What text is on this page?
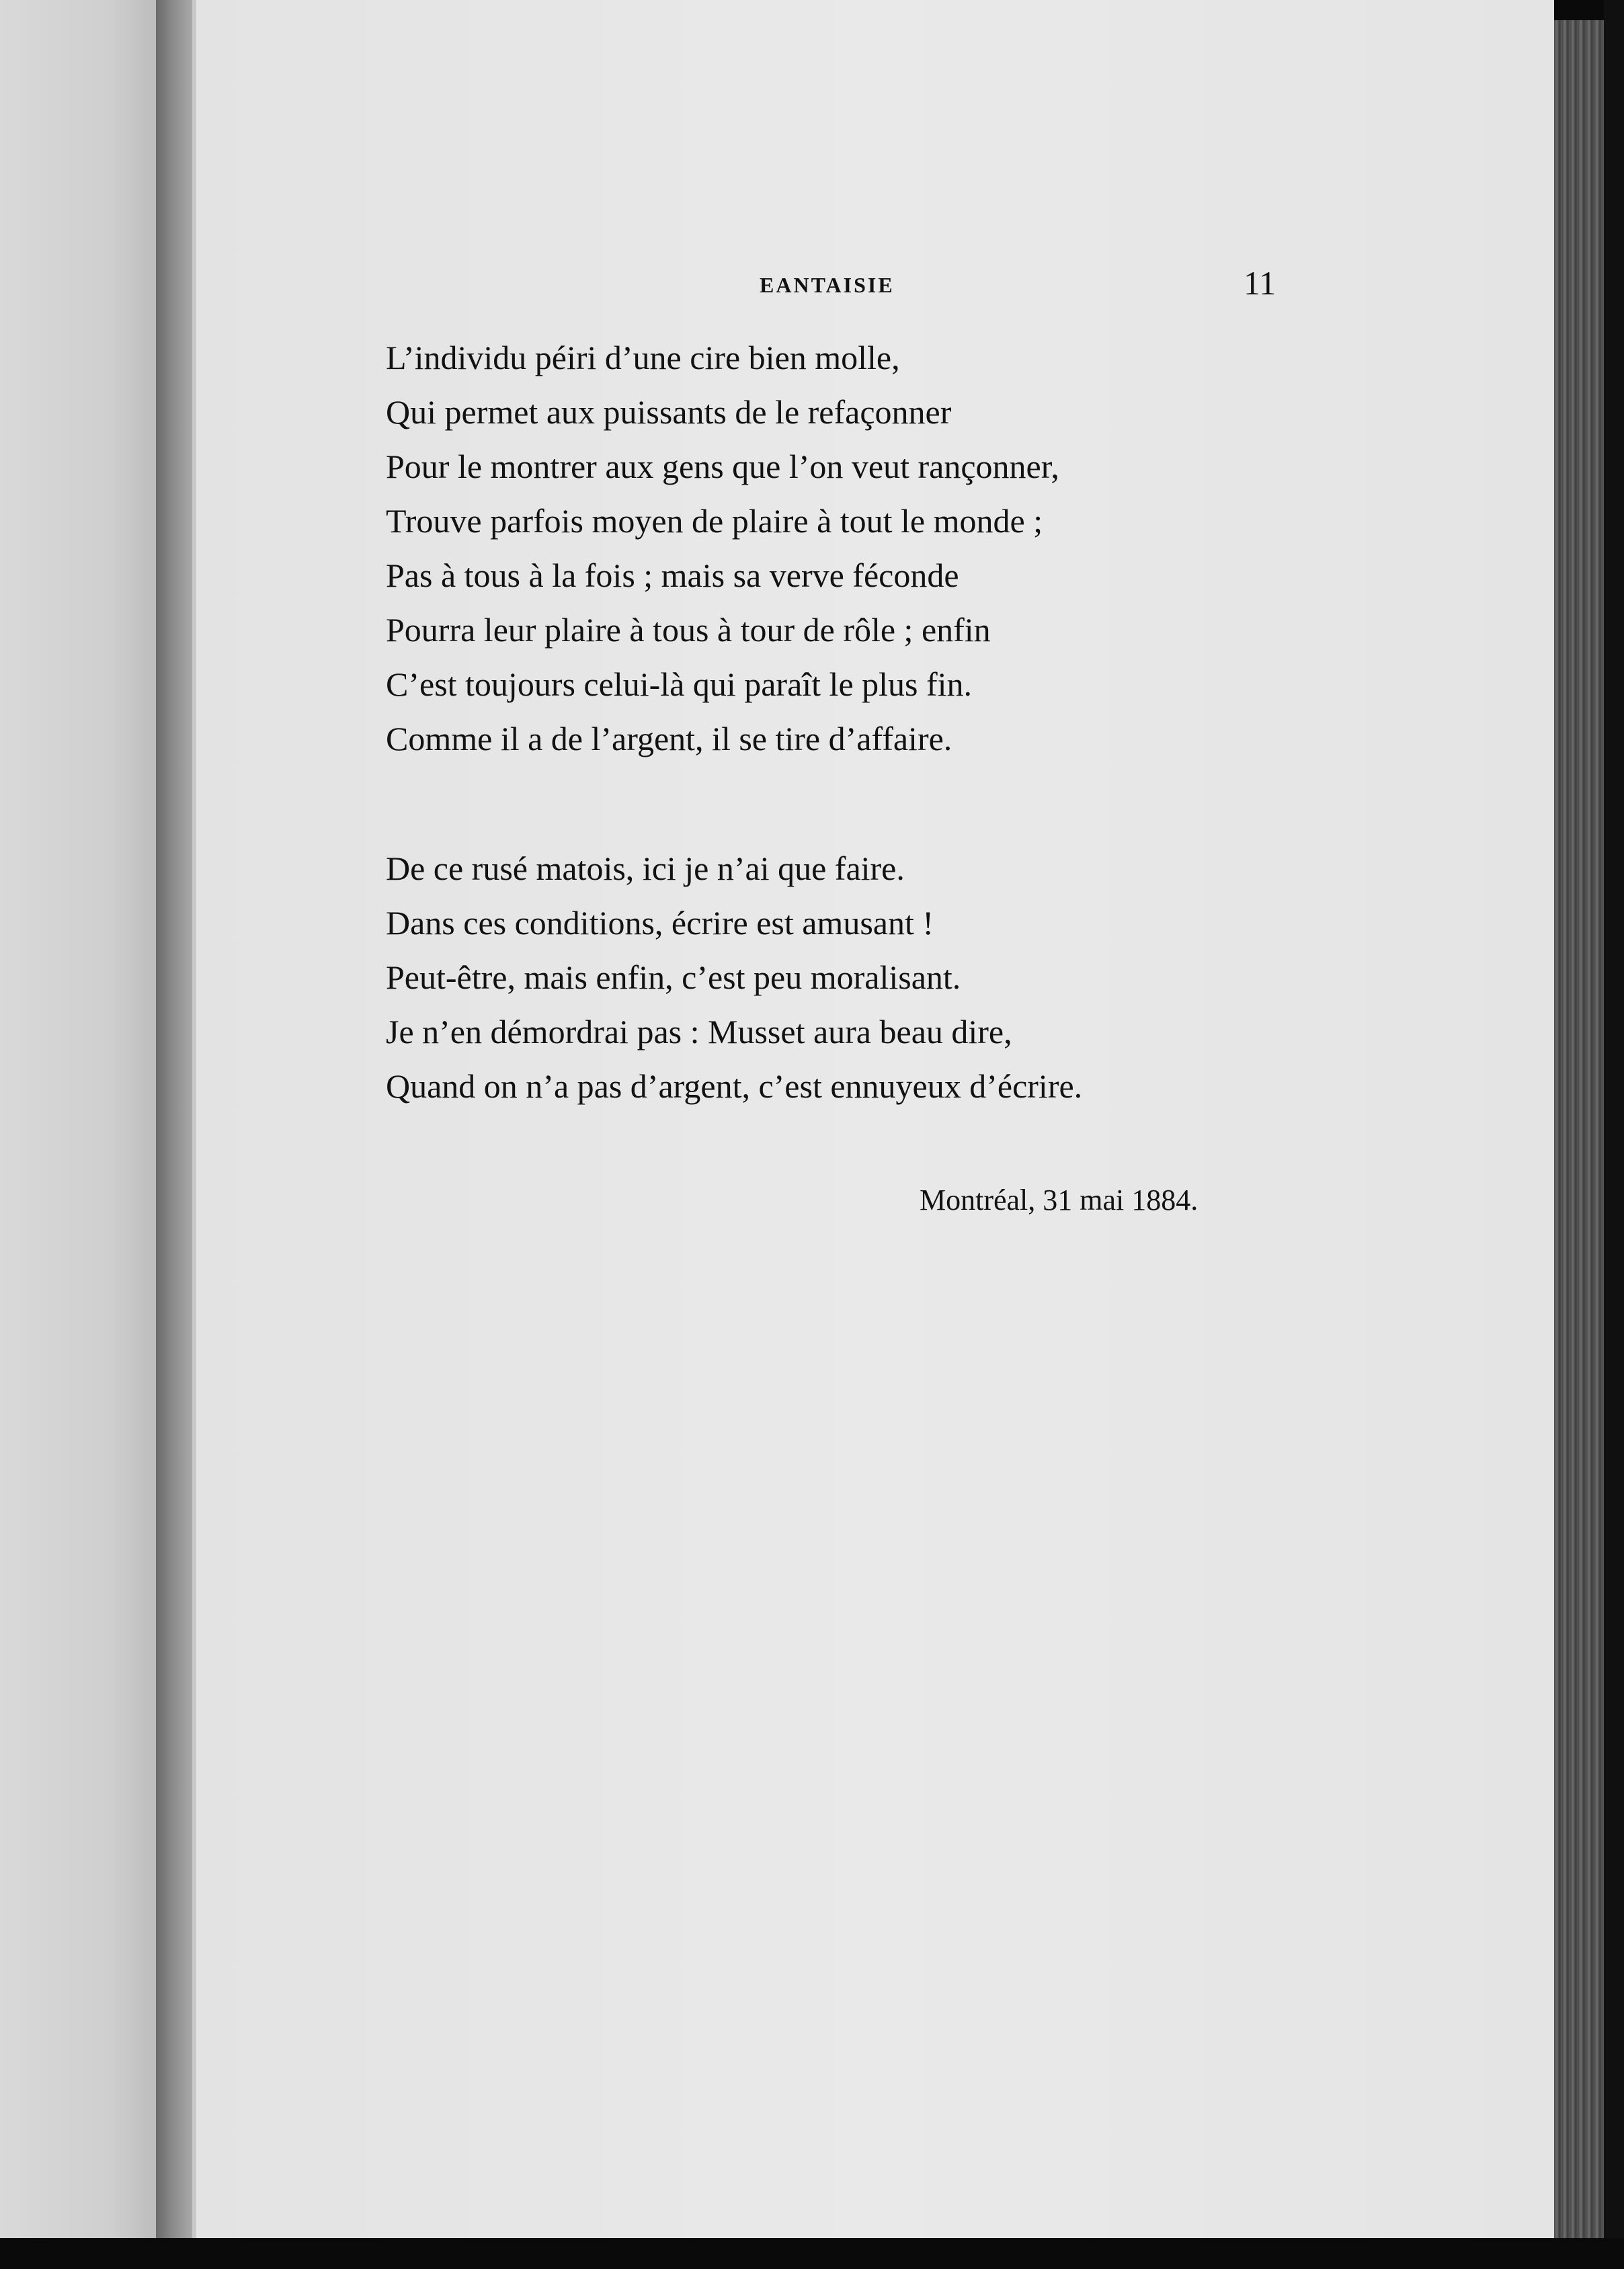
EANTAISIE	11
L’individu péiri d’une cire bien molle,
Qui permet aux puissants de le refaçonner
Pour le montrer aux gens que l’on veut rançonner,
Trouve parfois moyen de plaire à tout le monde ;
Pas à tous à la fois ; mais sa verve féconde
Pourra leur plaire à tous à tour de rôle ; enfin
C’est toujours celui-là qui paraît le plus fin.
Comme il a de l’argent, il se tire d’affaire.
De ce rusé matois, ici je n’ai que faire.
Dans ces conditions, écrire est amusant !
Peut-être, mais enfin, c’est peu moralisant.
Je n’en démordrai pas : Musset aura beau dire,
Quand on n’a pas d’argent, c’est ennuyeux d’écrire.
Montréal, 31 mai 1884.
